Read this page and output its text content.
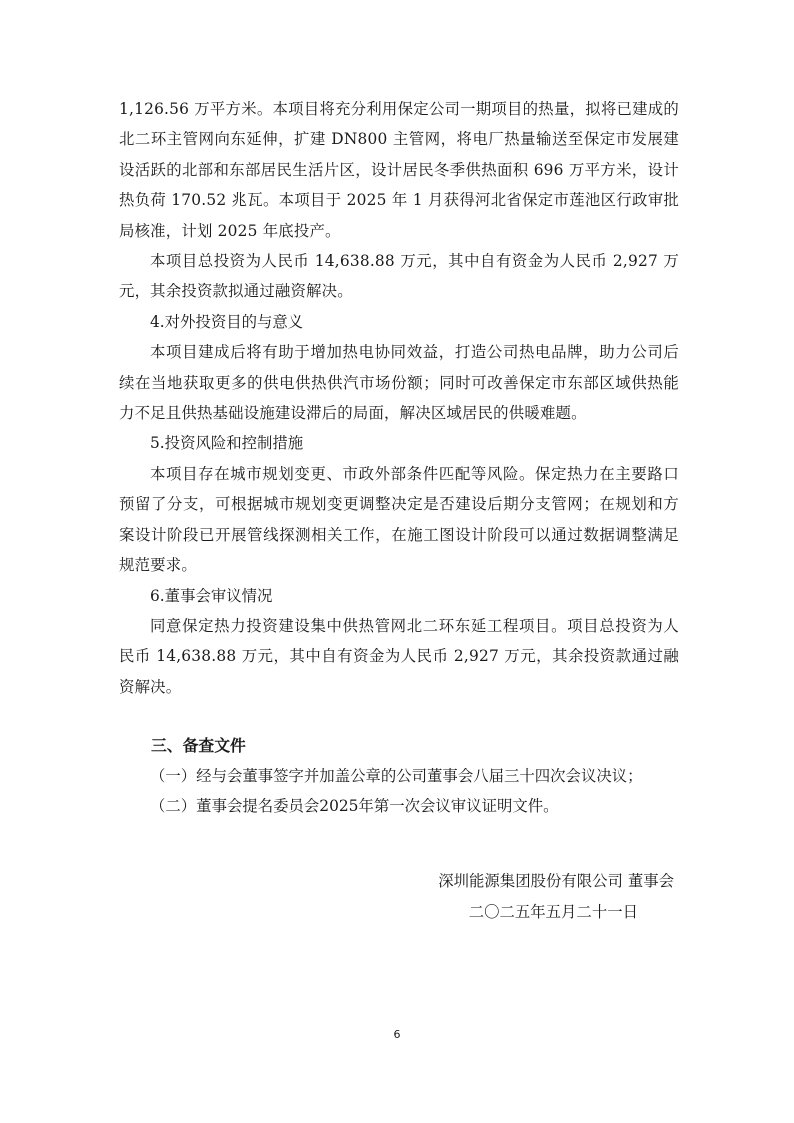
1,126.56 万平方米。本项目将充分利用保定公司一期项目的热量，拟将已建成的北二环主管网向东延伸，扩建 DN800 主管网，将电厂热量输送至保定市发展建设活跃的北部和东部居民生活片区，设计居民冬季供热面积 696 万平方米，设计热负荷 170.52 兆瓦。本项目于 2025 年 1 月获得河北省保定市莲池区行政审批局核准，计划 2025 年底投产。

本项目总投资为人民币 14,638.88 万元，其中自有资金为人民币 2,927 万元，其余投资款拟通过融资解决。

4.对外投资目的与意义

本项目建成后将有助于增加热电协同效益，打造公司热电品牌，助力公司后续在当地获取更多的供电供热供汽市场份额；同时可改善保定市东部区域供热能力不足且供热基础设施建设滞后的局面，解决区域居民的供暖难题。

5.投资风险和控制措施

本项目存在城市规划变更、市政外部条件匹配等风险。保定热力在主要路口预留了分支，可根据城市规划变更调整决定是否建设后期分支管网；在规划和方案设计阶段已开展管线探测相关工作，在施工图设计阶段可以通过数据调整满足规范要求。

6.董事会审议情况

同意保定热力投资建设集中供热管网北二环东延工程项目。项目总投资为人民币 14,638.88 万元，其中自有资金为人民币 2,927 万元，其余投资款通过融资解决。

三、备查文件

（一）经与会董事签字并加盖公章的公司董事会八届三十四次会议决议；

（二）董事会提名委员会2025年第一次会议审议证明文件。

深圳能源集团股份有限公司 董事会
二〇二五年五月二十一日
6
